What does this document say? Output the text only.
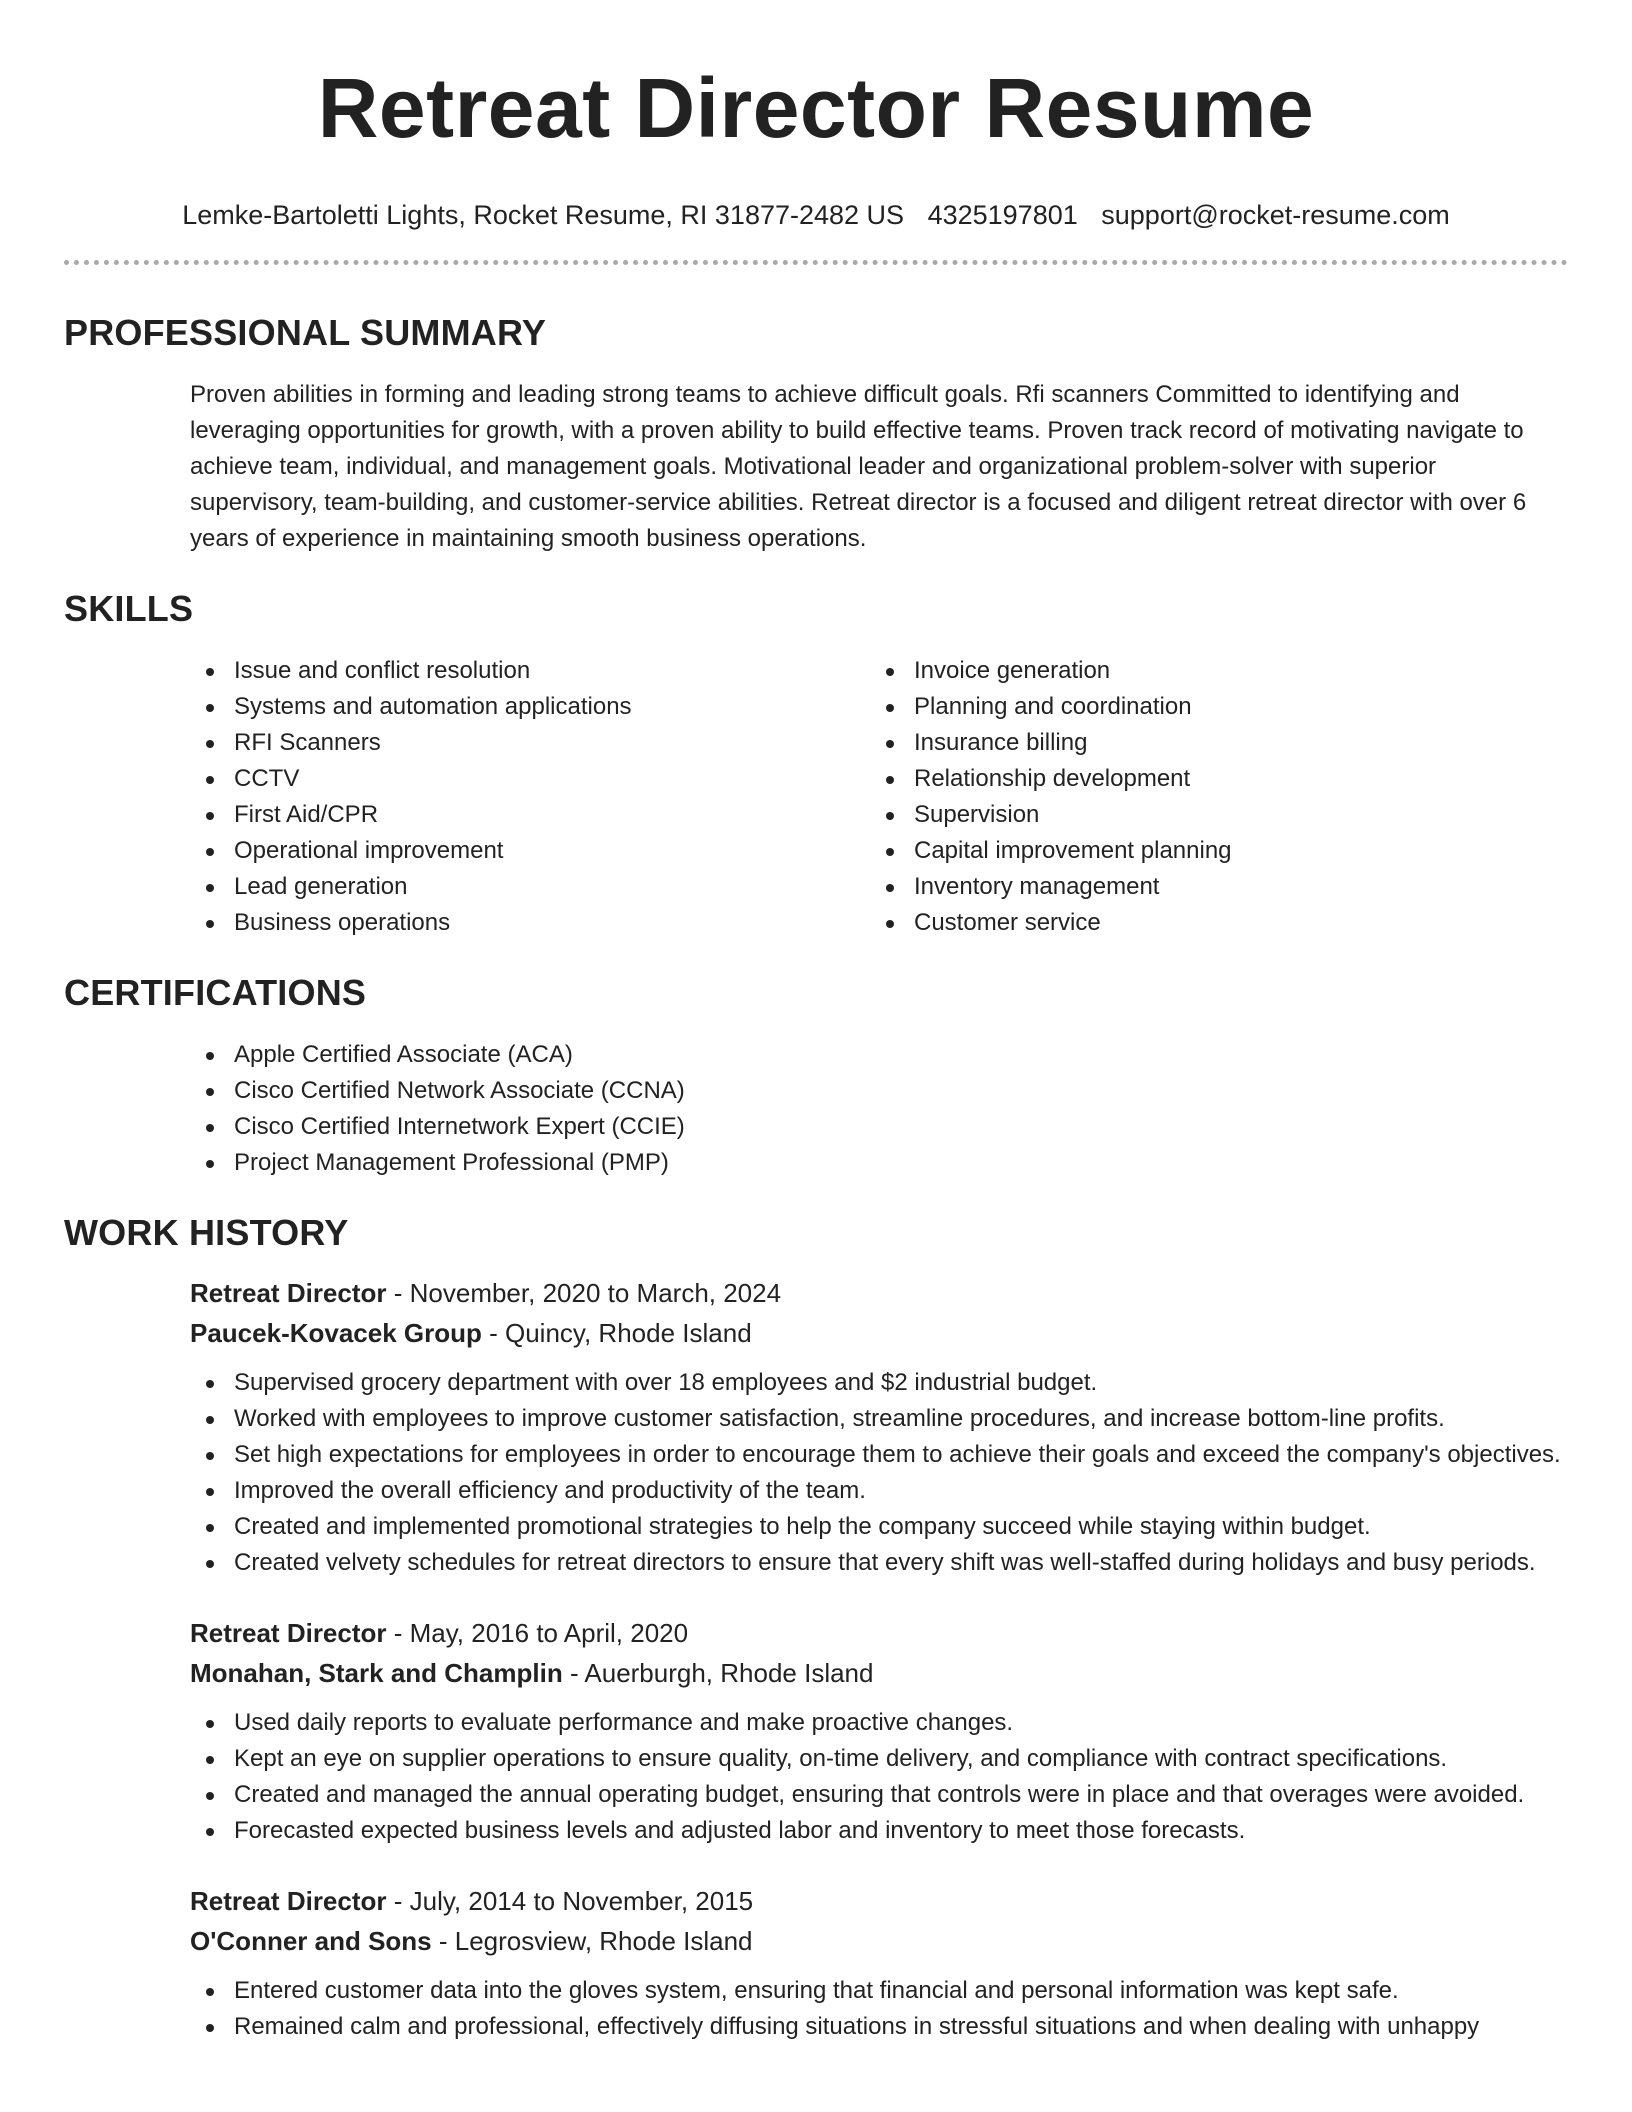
Retreat Director Resume
Lemke-Bartoletti Lights, Rocket Resume, RI 31877-2482 US 4325197801 support@rocket-resume.com
PROFESSIONAL SUMMARY

Proven abilities in forming and leading strong teams to achieve difficult goals. Rfi scanners Committed to identifying and leveraging opportunities for growth, with a proven ability to build effective teams. Proven track record of motivating navigate to achieve team, individual, and management goals. Motivational leader and organizational problem-solver with superior supervisory, team-building, and customer-service abilities. Retreat director is a focused and diligent retreat director with over 6 years of experience in maintaining smooth business operations.

SKILLS
Issue and conflict resolution
Systems and automation applications
RFI Scanners
CCTV
First Aid/CPR
Operational improvement
Lead generation
Business operations
Invoice generation
Planning and coordination
Insurance billing
Relationship development
Supervision
Capital improvement planning
Inventory management
Customer service
CERTIFICATIONS
Apple Certified Associate (ACA)
Cisco Certified Network Associate (CCNA)
Cisco Certified Internetwork Expert (CCIE)
Project Management Professional (PMP)
WORK HISTORY
Retreat Director - November, 2020 to March, 2024
Paucek-Kovacek Group - Quincy, Rhode Island
Supervised grocery department with over 18 employees and $2 industrial budget.
Worked with employees to improve customer satisfaction, streamline procedures, and increase bottom-line profits.
Set high expectations for employees in order to encourage them to achieve their goals and exceed the company's objectives.
Improved the overall efficiency and productivity of the team.
Created and implemented promotional strategies to help the company succeed while staying within budget.
Created velvety schedules for retreat directors to ensure that every shift was well-staffed during holidays and busy periods.
Retreat Director - May, 2016 to April, 2020
Monahan, Stark and Champlin - Auerburgh, Rhode Island
Used daily reports to evaluate performance and make proactive changes.
Kept an eye on supplier operations to ensure quality, on-time delivery, and compliance with contract specifications.
Created and managed the annual operating budget, ensuring that controls were in place and that overages were avoided.
Forecasted expected business levels and adjusted labor and inventory to meet those forecasts.
Retreat Director - July, 2014 to November, 2015
O'Conner and Sons - Legrosview, Rhode Island
Entered customer data into the gloves system, ensuring that financial and personal information was kept safe.
Remained calm and professional, effectively diffusing situations in stressful situations and when dealing with unhappy
